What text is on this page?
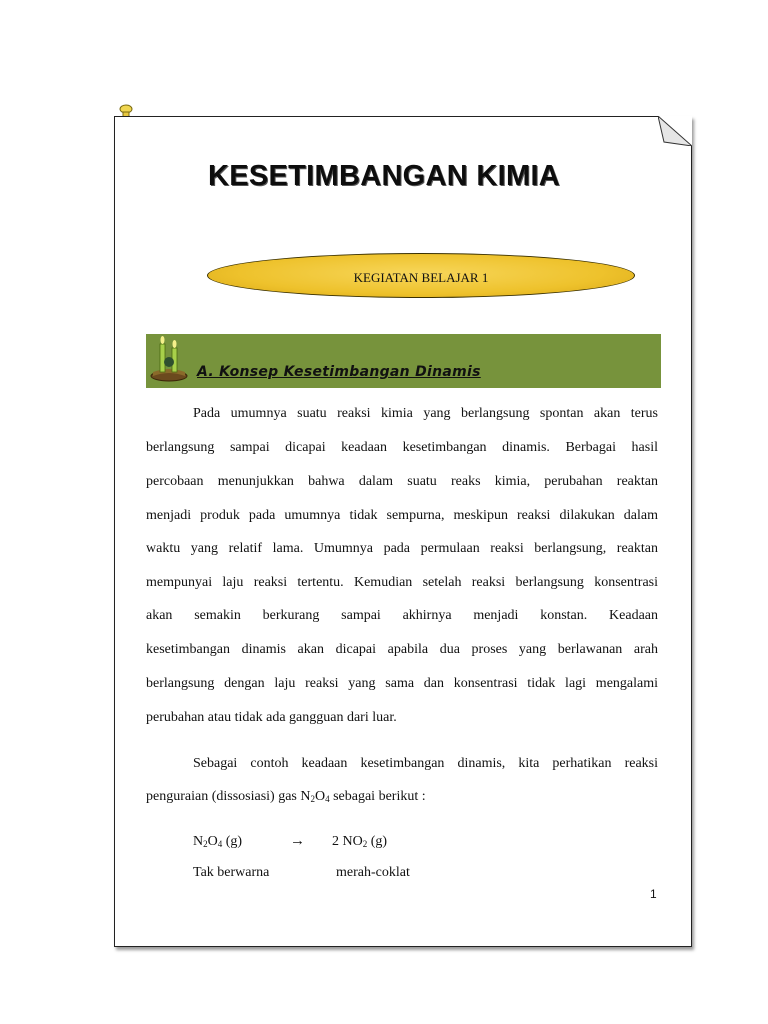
KESETIMBANGAN KIMIA
KEGIATAN BELAJAR 1
A. Konsep Kesetimbangan Dinamis
Pada umumnya suatu reaksi kimia yang berlangsung spontan akan terus
berlangsung sampai dicapai keadaan kesetimbangan dinamis. Berbagai hasil
percobaan menunjukkan bahwa dalam suatu reaks kimia, perubahan reaktan
menjadi produk pada umumnya tidak sempurna, meskipun reaksi dilakukan dalam
waktu yang relatif lama. Umumnya pada permulaan reaksi berlangsung, reaktan
mempunyai laju reaksi tertentu. Kemudian setelah reaksi berlangsung konsentrasi
akan semakin berkurang sampai akhirnya menjadi konstan. Keadaan
kesetimbangan dinamis akan dicapai apabila dua proses yang berlawanan arah
berlangsung dengan laju reaksi yang sama dan konsentrasi tidak lagi mengalami
perubahan atau tidak ada gangguan dari luar.
Sebagai contoh keadaan kesetimbangan dinamis, kita perhatikan reaksi
penguraian (dissosiasi) gas $N_2O_4$ sebagai berikut :
$N_2O_4$ (g)	→ 2 $NO_2$ (g)
Tak berwarna	merah-coklat
1
